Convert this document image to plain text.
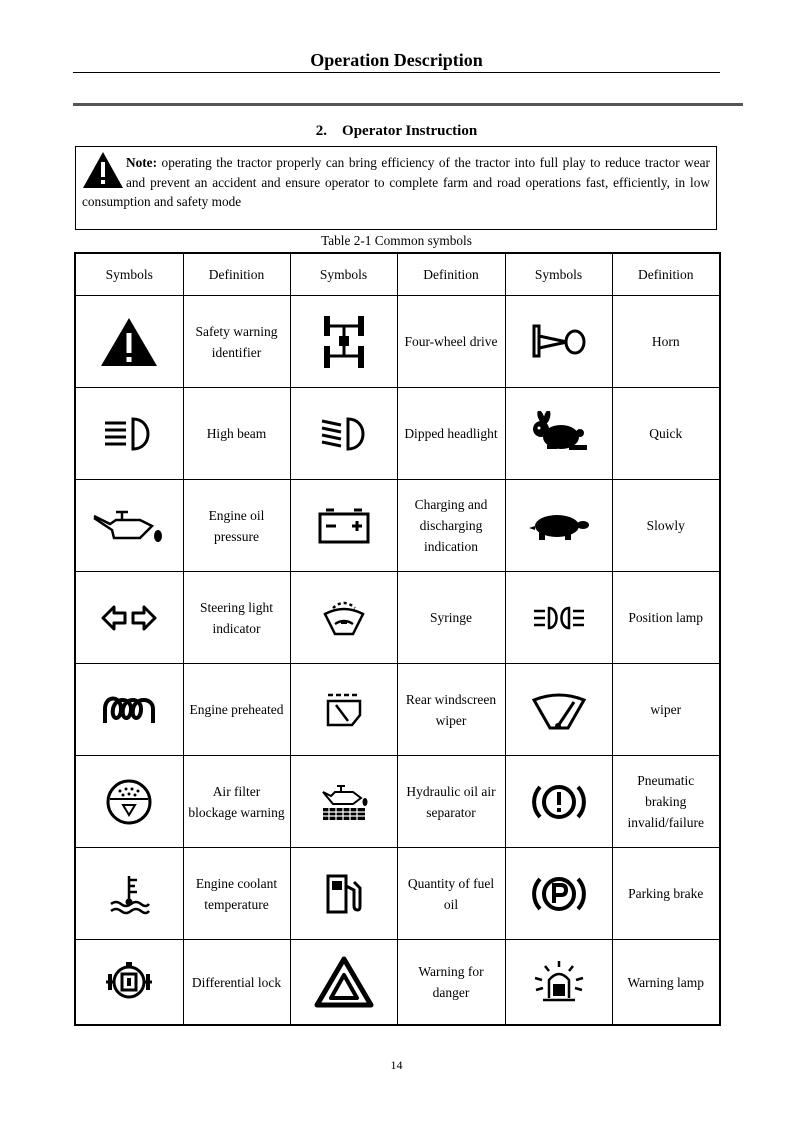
Operation Description
2.    Operator Instruction
Note: operating the tractor properly can bring efficiency of the tractor into full play to reduce tractor wear and prevent an accident and ensure operator to complete farm and road operations fast, efficiently, in low consumption and safety mode
Table 2-1 Common symbols
Symbols	Definition	Symbols	Definition	Symbols	Definition

	Safety warning identifier		Four-wheel drive		Horn

	High beam		Dipped headlight		Quick

	Engine oil pressure		Charging and discharging indication		Slowly

	Steering light indicator		Syringe		Position lamp

	Engine preheated		Rear windscreen wiper		wiper

	Air filter blockage warning		Hydraulic oil air separator		Pneumatic braking invalid/failure

	Engine coolant temperature		Quantity of fuel oil		Parking brake

	Differential lock		Warning for danger		Warning lamp
14
